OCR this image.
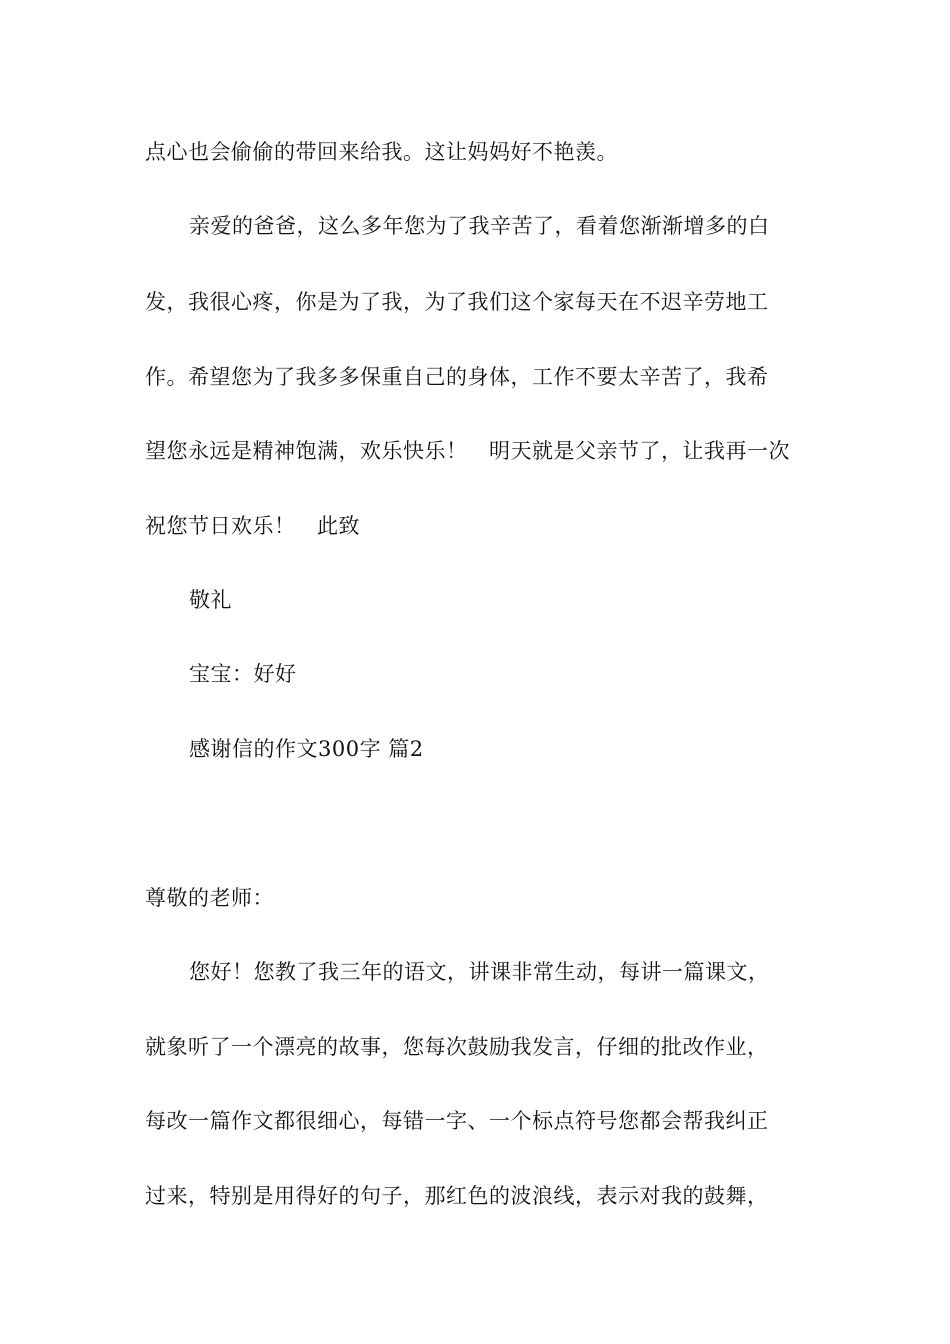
点心也会偷偷的带回来给我。这让妈妈好不艳羡。
亲爱的爸爸，这么多年您为了我辛苦了，看着您渐渐增多的白
发，我很心疼，你是为了我，为了我们这个家每天在不迟辛劳地工
作。希望您为了我多多保重自己的身体，工作不要太辛苦了，我希
望您永远是精神饱满，欢乐快乐！　明天就是父亲节了，让我再一次
祝您节日欢乐！　此致
敬礼
宝宝：好好
感谢信的作文300字 篇2
尊敬的老师：
您好！您教了我三年的语文，讲课非常生动，每讲一篇课文，
就象听了一个漂亮的故事，您每次鼓励我发言，仔细的批改作业，
每改一篇作文都很细心，每错一字、一个标点符号您都会帮我纠正
过来，特别是用得好的句子，那红色的波浪线，表示对我的鼓舞，
